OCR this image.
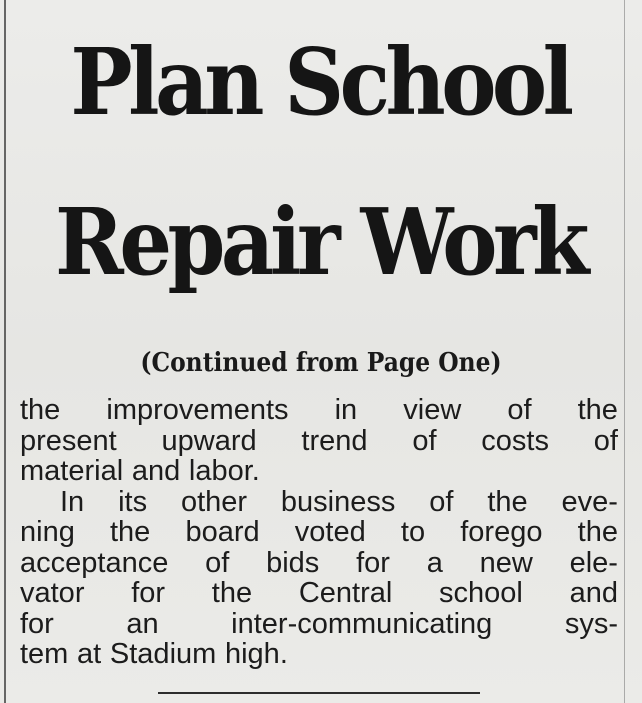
Plan School
Repair Work
(Continued from Page One)
the improvements in view of the
present upward trend of costs of
material and labor.
In its other business of the eve-
ning the board voted to forego the
acceptance of bids for a new ele-
vator for the Central school and
for	an	inter-communicating	sys-
tem at Stadium high.
